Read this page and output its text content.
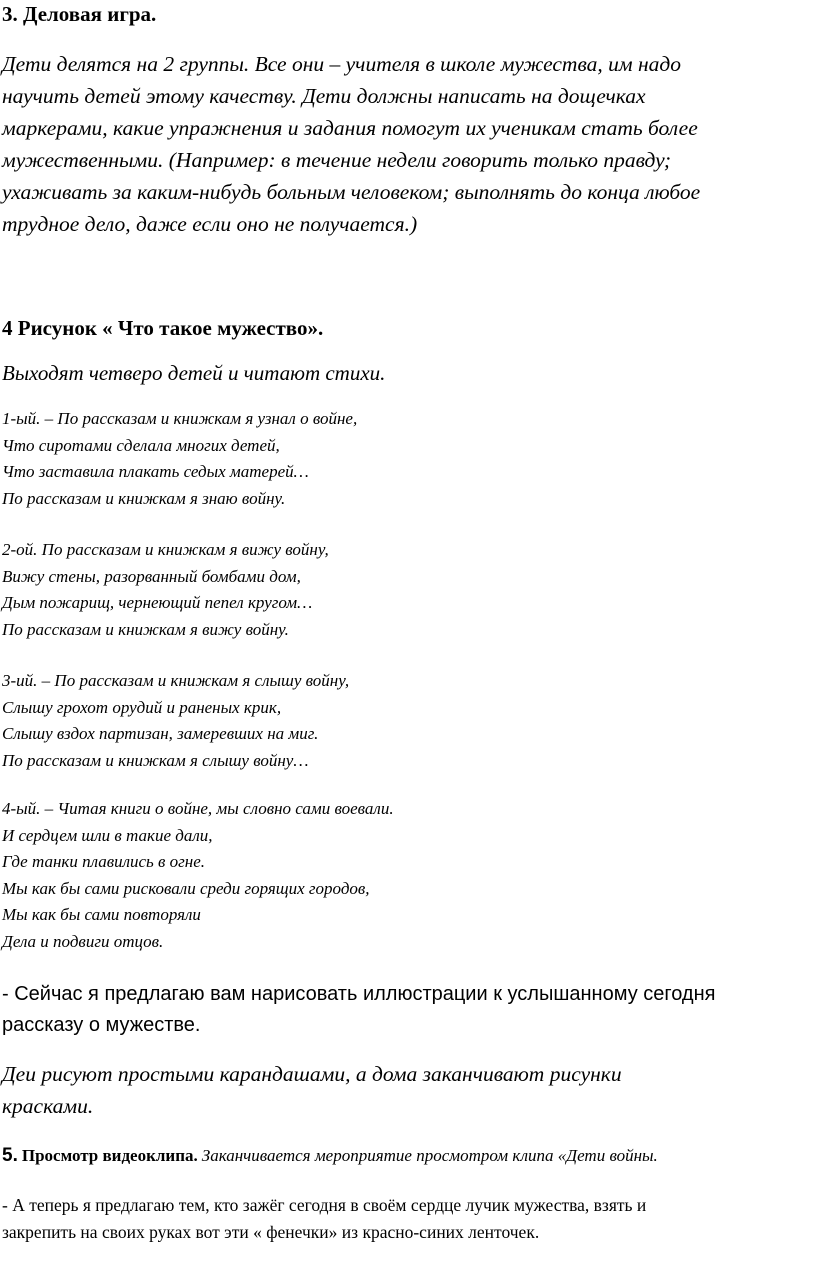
3. Деловая игра.
Дети делятся на 2 группы. Все они – учителя в школе мужества, им надо
научить детей этому качеству. Дети должны написать на дощечках
маркерами, какие упражнения и задания помогут их ученикам стать более
мужественными. (Например: в течение недели говорить только правду;
ухаживать за каким-нибудь больным человеком; выполнять до конца любое
трудное дело, даже если оно не получается.)
4 Рисунок « Что такое мужество».
Выходят четверо детей и читают стихи.
1-ый. – По рассказам и книжкам я узнал о войне,
Что сиротами сделала многих детей,
Что заставила плакать седых матерей…
По рассказам и книжкам я знаю войну.
2-ой. По рассказам и книжкам я вижу войну,
Вижу стены, разорванный бомбами дом,
Дым пожарищ, чернеющий пепел кругом…
По рассказам и книжкам я вижу войну.
3-ий. – По рассказам и книжкам я слышу войну,
Слышу грохот орудий и раненых крик,
Слышу вздох партизан, замеревших на миг.
По рассказам и книжкам я слышу войну…
4-ый. – Читая книги о войне, мы словно сами воевали.
И сердцем шли в такие дали,
Где танки плавились в огне.
Мы как бы сами рисковали среди горящих городов,
Мы как бы сами повторяли
Дела и подвиги отцов.
- Сейчас я предлагаю вам нарисовать иллюстрации к услышанному сегодня
рассказу о мужестве.
Деи рисуют простыми карандашами, а дома заканчивают рисунки
красками.
5. Просмотр видеоклипа. Заканчивается мероприятие просмотром клипа «Дети войны.
- А теперь я предлагаю тем, кто зажёг сегодня в своём сердце лучик мужества, взять и
закрепить на своих руках вот эти « фенечки» из красно-синих ленточек.
